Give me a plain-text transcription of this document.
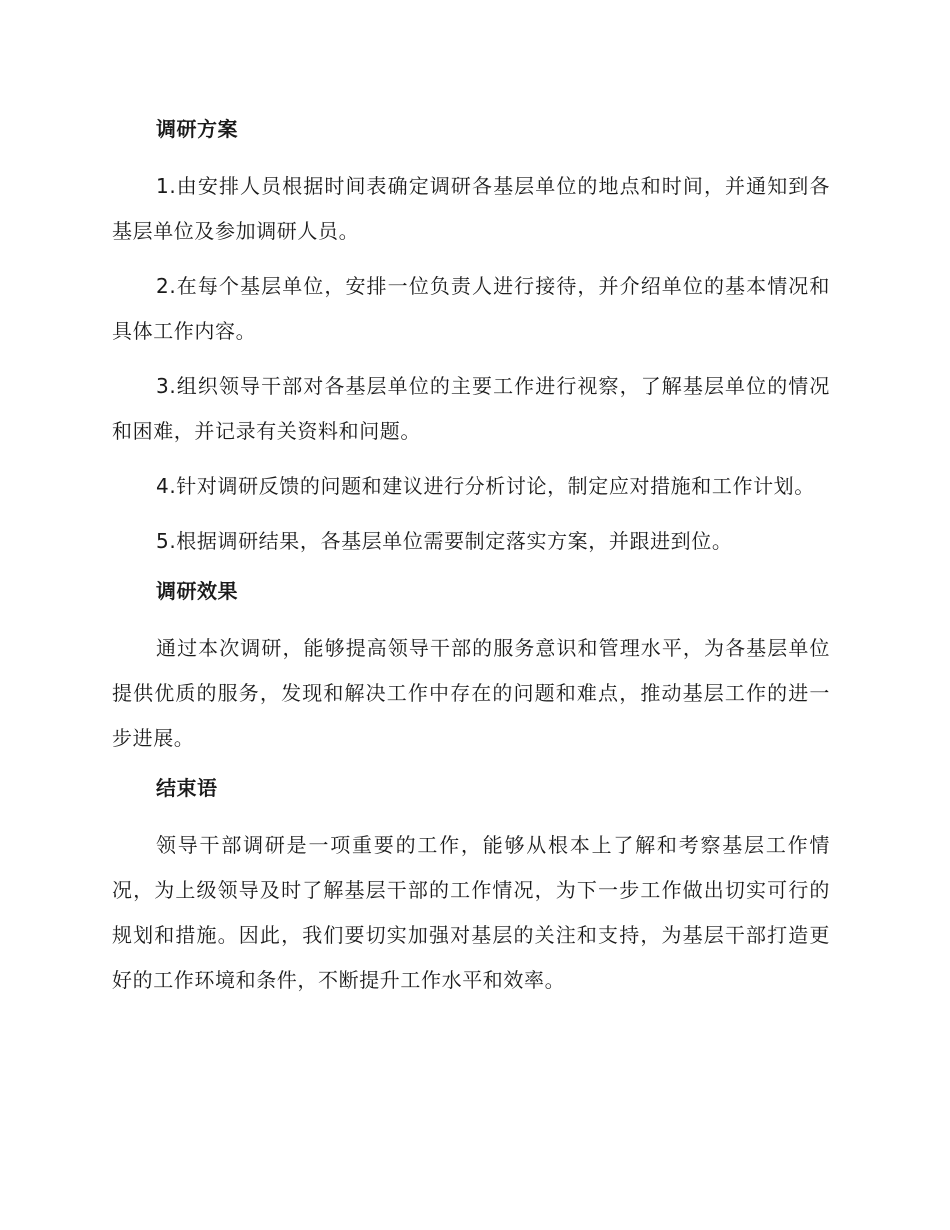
调研方案

1.由安排人员根据时间表确定调研各基层单位的地点和时间，并通知到各基层单位及参加调研人员。

2.在每个基层单位，安排一位负责人进行接待，并介绍单位的基本情况和具体工作内容。

3.组织领导干部对各基层单位的主要工作进行视察，了解基层单位的情况和困难，并记录有关资料和问题。

4.针对调研反馈的问题和建议进行分析讨论，制定应对措施和工作计划。

5.根据调研结果，各基层单位需要制定落实方案，并跟进到位。

调研效果

通过本次调研，能够提高领导干部的服务意识和管理水平，为各基层单位提供优质的服务，发现和解决工作中存在的问题和难点，推动基层工作的进一步进展。

结束语

领导干部调研是一项重要的工作，能够从根本上了解和考察基层工作情况，为上级领导及时了解基层干部的工作情况，为下一步工作做出切实可行的规划和措施。因此，我们要切实加强对基层的关注和支持，为基层干部打造更好的工作环境和条件，不断提升工作水平和效率。
